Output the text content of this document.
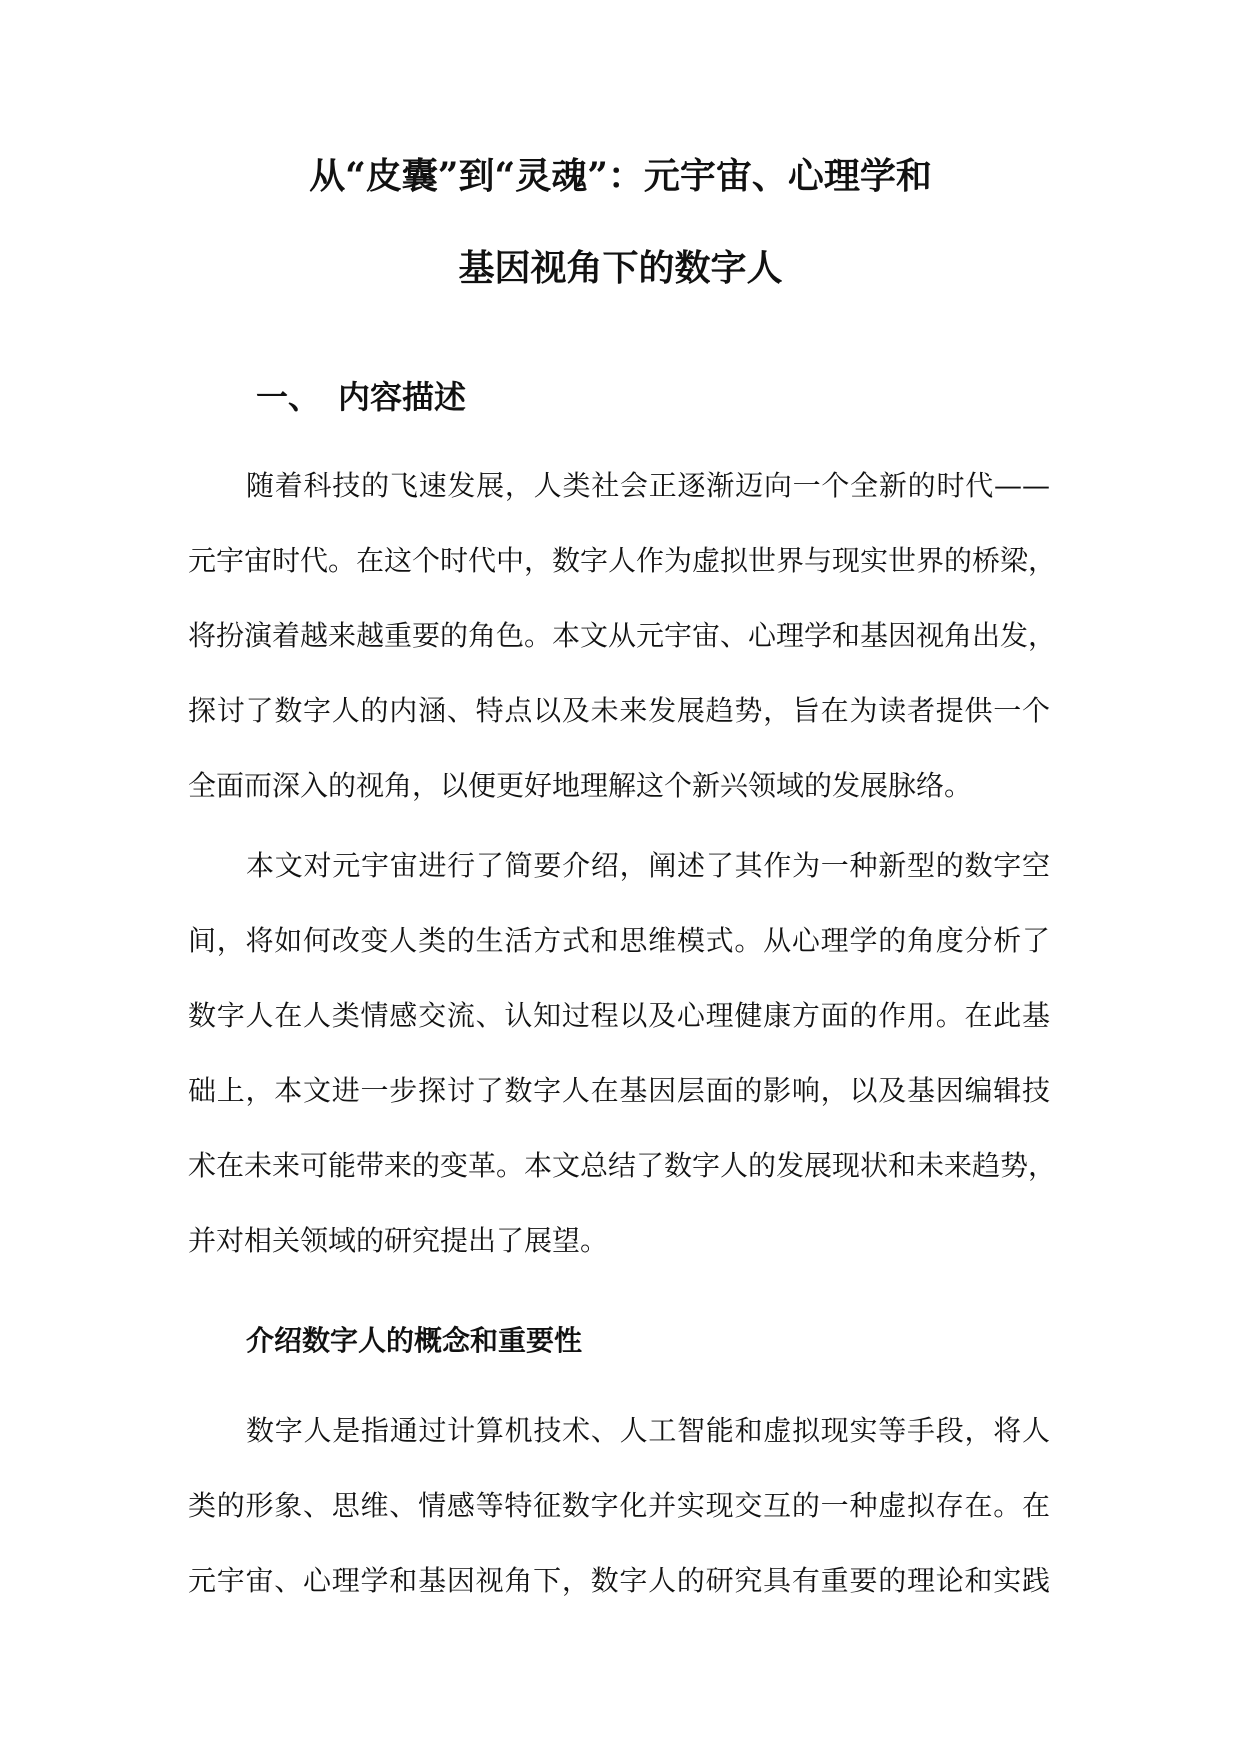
从“皮囊”到“灵魂”：元宇宙、心理学和
基因视角下的数字人
一、 内容描述
随着科技的飞速发展，人类社会正逐渐迈向一个全新的时代——
元宇宙时代。在这个时代中，数字人作为虚拟世界与现实世界的桥梁，
将扮演着越来越重要的角色。本文从元宇宙、心理学和基因视角出发，
探讨了数字人的内涵、特点以及未来发展趋势，旨在为读者提供一个
全面而深入的视角，以便更好地理解这个新兴领域的发展脉络。
本文对元宇宙进行了简要介绍，阐述了其作为一种新型的数字空
间，将如何改变人类的生活方式和思维模式。从心理学的角度分析了
数字人在人类情感交流、认知过程以及心理健康方面的作用。在此基
础上，本文进一步探讨了数字人在基因层面的影响，以及基因编辑技
术在未来可能带来的变革。本文总结了数字人的发展现状和未来趋势，
并对相关领域的研究提出了展望。
介绍数字人的概念和重要性
数字人是指通过计算机技术、人工智能和虚拟现实等手段，将人
类的形象、思维、情感等特征数字化并实现交互的一种虚拟存在。在
元宇宙、心理学和基因视角下，数字人的研究具有重要的理论和实践
